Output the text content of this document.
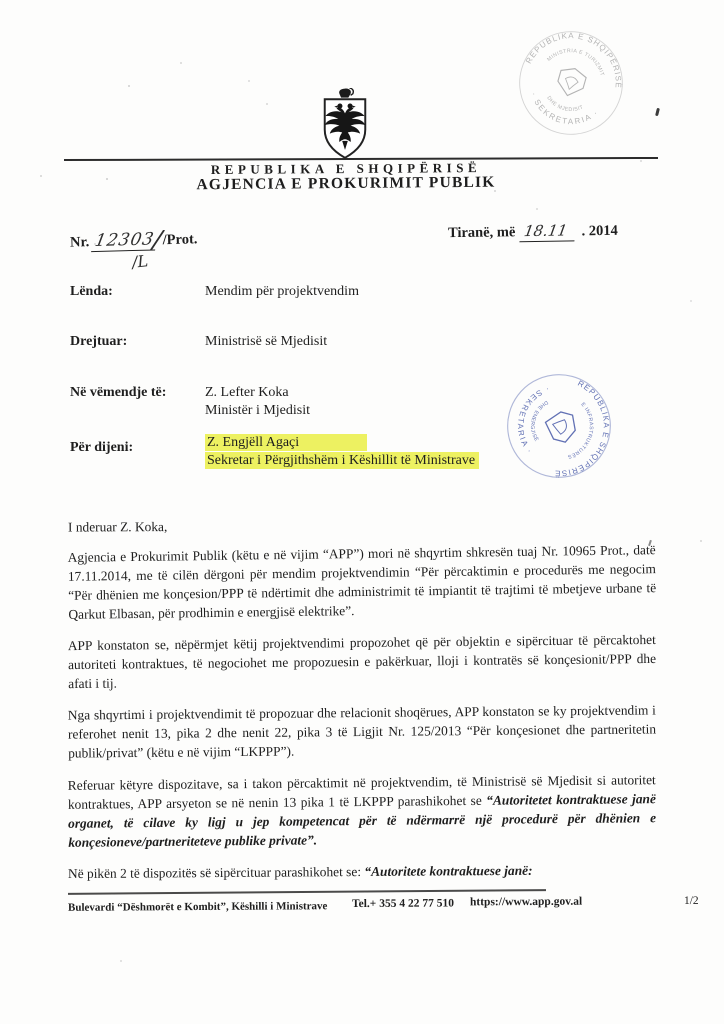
REPUBLIKA E SHQIPËRISË
AGJENCIA E PROKURIMIT PUBLIK
REPUBLIKA E SHQIPËRISË
· SEKRETARIA ·
MINISTRIA E TURIZMIT
DHE MJEDISIT
Nr. 12303//Prot.
/L
Tiranë, më 18.11 . 2014
Lënda:	Mendim për projektvendim
Drejtuar:	Ministrisë së Mjedisit
Në vëmendje të:	Z. Lefter Koka
Ministër i Mjedisit
Për dijeni:	Z. Engjëll Agaçi
Sekretar i Përgjithshëm i Këshillit të Ministrave
REPUBLIKA E SHQIPËRISË
· SEKRETARIA ·
E INFRASTRUKTURËS
DHE ENERGJISË

I nderuar Z. Koka,

Agjencia e Prokurimit Publik (këtu e në vijim “APP”) mori në shqyrtim shkresën tuaj Nr. 10965 Prot., datë 17.11.2014, me të cilën dërgoni për mendim projektvendimin “Për përcaktimin e procedurës me negocim “Për dhënien me konçesion/PPP të ndërtimit dhe administrimit të impiantit të trajtimi të mbetjeve urbane të Qarkut Elbasan, për prodhimin e energjisë elektrike”.

APP konstaton se, nëpërmjet këtij projektvendimi propozohet që për objektin e sipërcituar të përcaktohet autoriteti kontraktues, të negociohet me propozuesin e pakërkuar, lloji i kontratës së konçesionit/PPP dhe afati i tij.

Nga shqyrtimi i projektvendimit të propozuar dhe relacionit shoqërues, APP konstaton se ky projektvendim i referohet nenit 13, pika 2 dhe nenit 22, pika 3 të Ligjit Nr. 125/2013 “Për konçesionet dhe partneritetin publik/privat” (këtu e në vijim “LKPPP”).

Referuar këtyre dispozitave, sa i takon përcaktimit në projektvendim, të Ministrisë së Mjedisit si autoritet kontraktues, APP arsyeton se në nenin 13 pika 1 të LKPPP parashikohet se “Autoritetet kontraktuese janë organet, të cilave ky ligj u jep kompetencat për të ndërmarrë një procedurë për dhënien e konçesioneve/partneriteteve publike private”.

Në pikën 2 të dispozitës së sipërcituar parashikohet se: “Autoritete kontraktuese janë:

Bulevardi “Dëshmorët e Kombit”, Këshilli i Ministrave Tel.+ 355 4 22 77 510 https://www.app.gov.al	1/2
